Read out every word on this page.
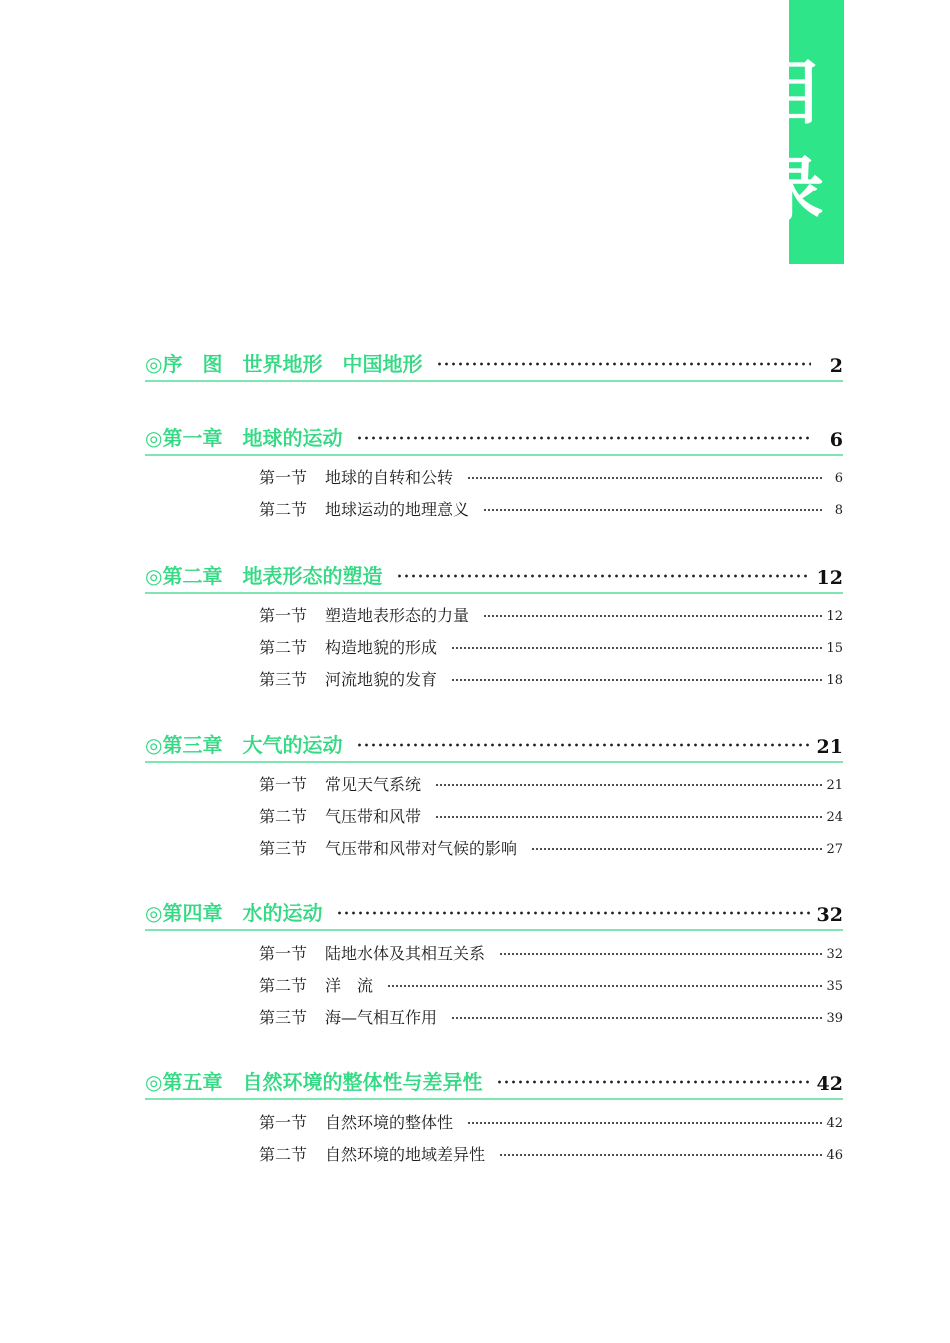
目
录
◎序　图 世界地形　中国地形	2
◎第一章 地球的运动	6
第一节 地球的自转和公转	6
第二节 地球运动的地理意义	8
◎第二章 地表形态的塑造	12
第一节 塑造地表形态的力量	12
第二节 构造地貌的形成	15
第三节 河流地貌的发育	18
◎第三章 大气的运动	21
第一节 常见天气系统	21
第二节 气压带和风带	24
第三节 气压带和风带对气候的影响	27
◎第四章 水的运动	32
第一节 陆地水体及其相互关系	32
第二节 洋　流	35
第三节 海—气相互作用	39
◎第五章 自然环境的整体性与差异性	42
第一节 自然环境的整体性	42
第二节 自然环境的地域差异性	46
